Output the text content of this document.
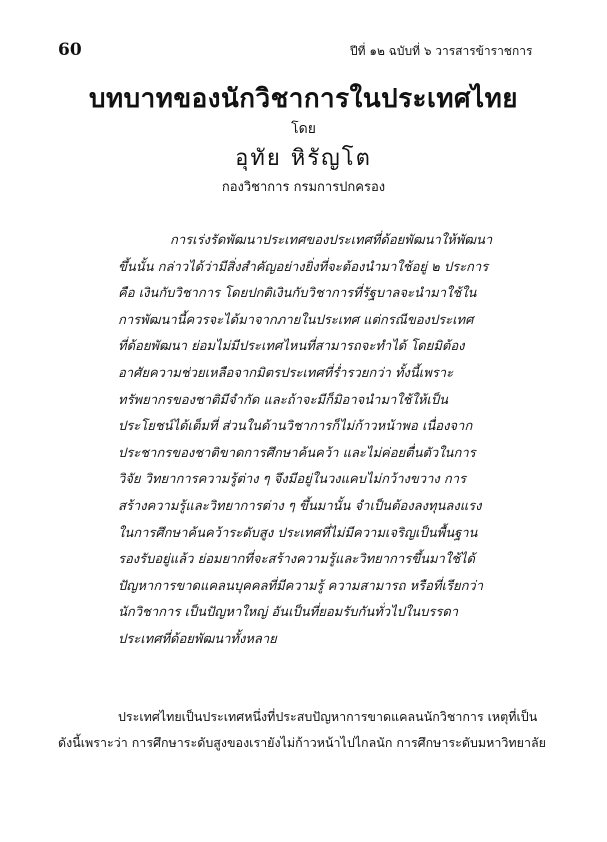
60	ปีที่ ๑๒ ฉบับที่ ๖ วารสารข้าราชการ
บทบาทของนักวิชาการในประเทศไทย
โดย
อุทัย หิรัญโต
กองวิชาการ กรมการปกครอง
การเร่งรัดพัฒนาประเทศของประเทศที่ด้อยพัฒนาให้พัฒนา
ขึ้นนั้น กล่าวได้ว่ามีสิ่งสำคัญอย่างยิ่งที่จะต้องนำมาใช้อยู่ ๒ ประการ
คือ เงินกับวิชาการ โดยปกติเงินกับวิชาการที่รัฐบาลจะนำมาใช้ใน
การพัฒนานี้ควรจะได้มาจากภายในประเทศ แต่กรณีของประเทศ
ที่ด้อยพัฒนา ย่อมไม่มีประเทศไหนที่สามารถจะทำได้ โดยมิต้อง
อาศัยความช่วยเหลือจากมิตรประเทศที่ร่ำรวยกว่า ทั้งนี้เพราะ
ทรัพยากรของชาติมีจำกัด และถ้าจะมีก็มิอาจนำมาใช้ให้เป็น
ประโยชน์ได้เต็มที่ ส่วนในด้านวิชาการก็ไม่ก้าวหน้าพอ เนื่องจาก
ประชากรของชาติขาดการศึกษาค้นคว้า และไม่ค่อยตื่นตัวในการ
วิจัย วิทยาการความรู้ต่าง ๆ จึงมีอยู่ในวงแคบไม่กว้างขวาง การ
สร้างความรู้และวิทยาการต่าง ๆ ขึ้นมานั้น จำเป็นต้องลงทุนลงแรง
ในการศึกษาค้นคว้าระดับสูง ประเทศที่ไม่มีความเจริญเป็นพื้นฐาน
รองรับอยู่แล้ว ย่อมยากที่จะสร้างความรู้และวิทยาการขึ้นมาใช้ได้
ปัญหาการขาดแคลนบุคคลที่มีความรู้ ความสามารถ หรือที่เรียกว่า
นักวิชาการ เป็นปัญหาใหญ่ อันเป็นที่ยอมรับกันทั่วไปในบรรดา
ประเทศที่ด้อยพัฒนาทั้งหลาย
ประเทศไทยเป็นประเทศหนึ่งที่ประสบปัญหาการขาดแคลนนักวิชาการ เหตุที่เป็น
ดังนี้เพราะว่า การศึกษาระดับสูงของเรายังไม่ก้าวหน้าไปไกลนัก การศึกษาระดับมหาวิทยาลัย
